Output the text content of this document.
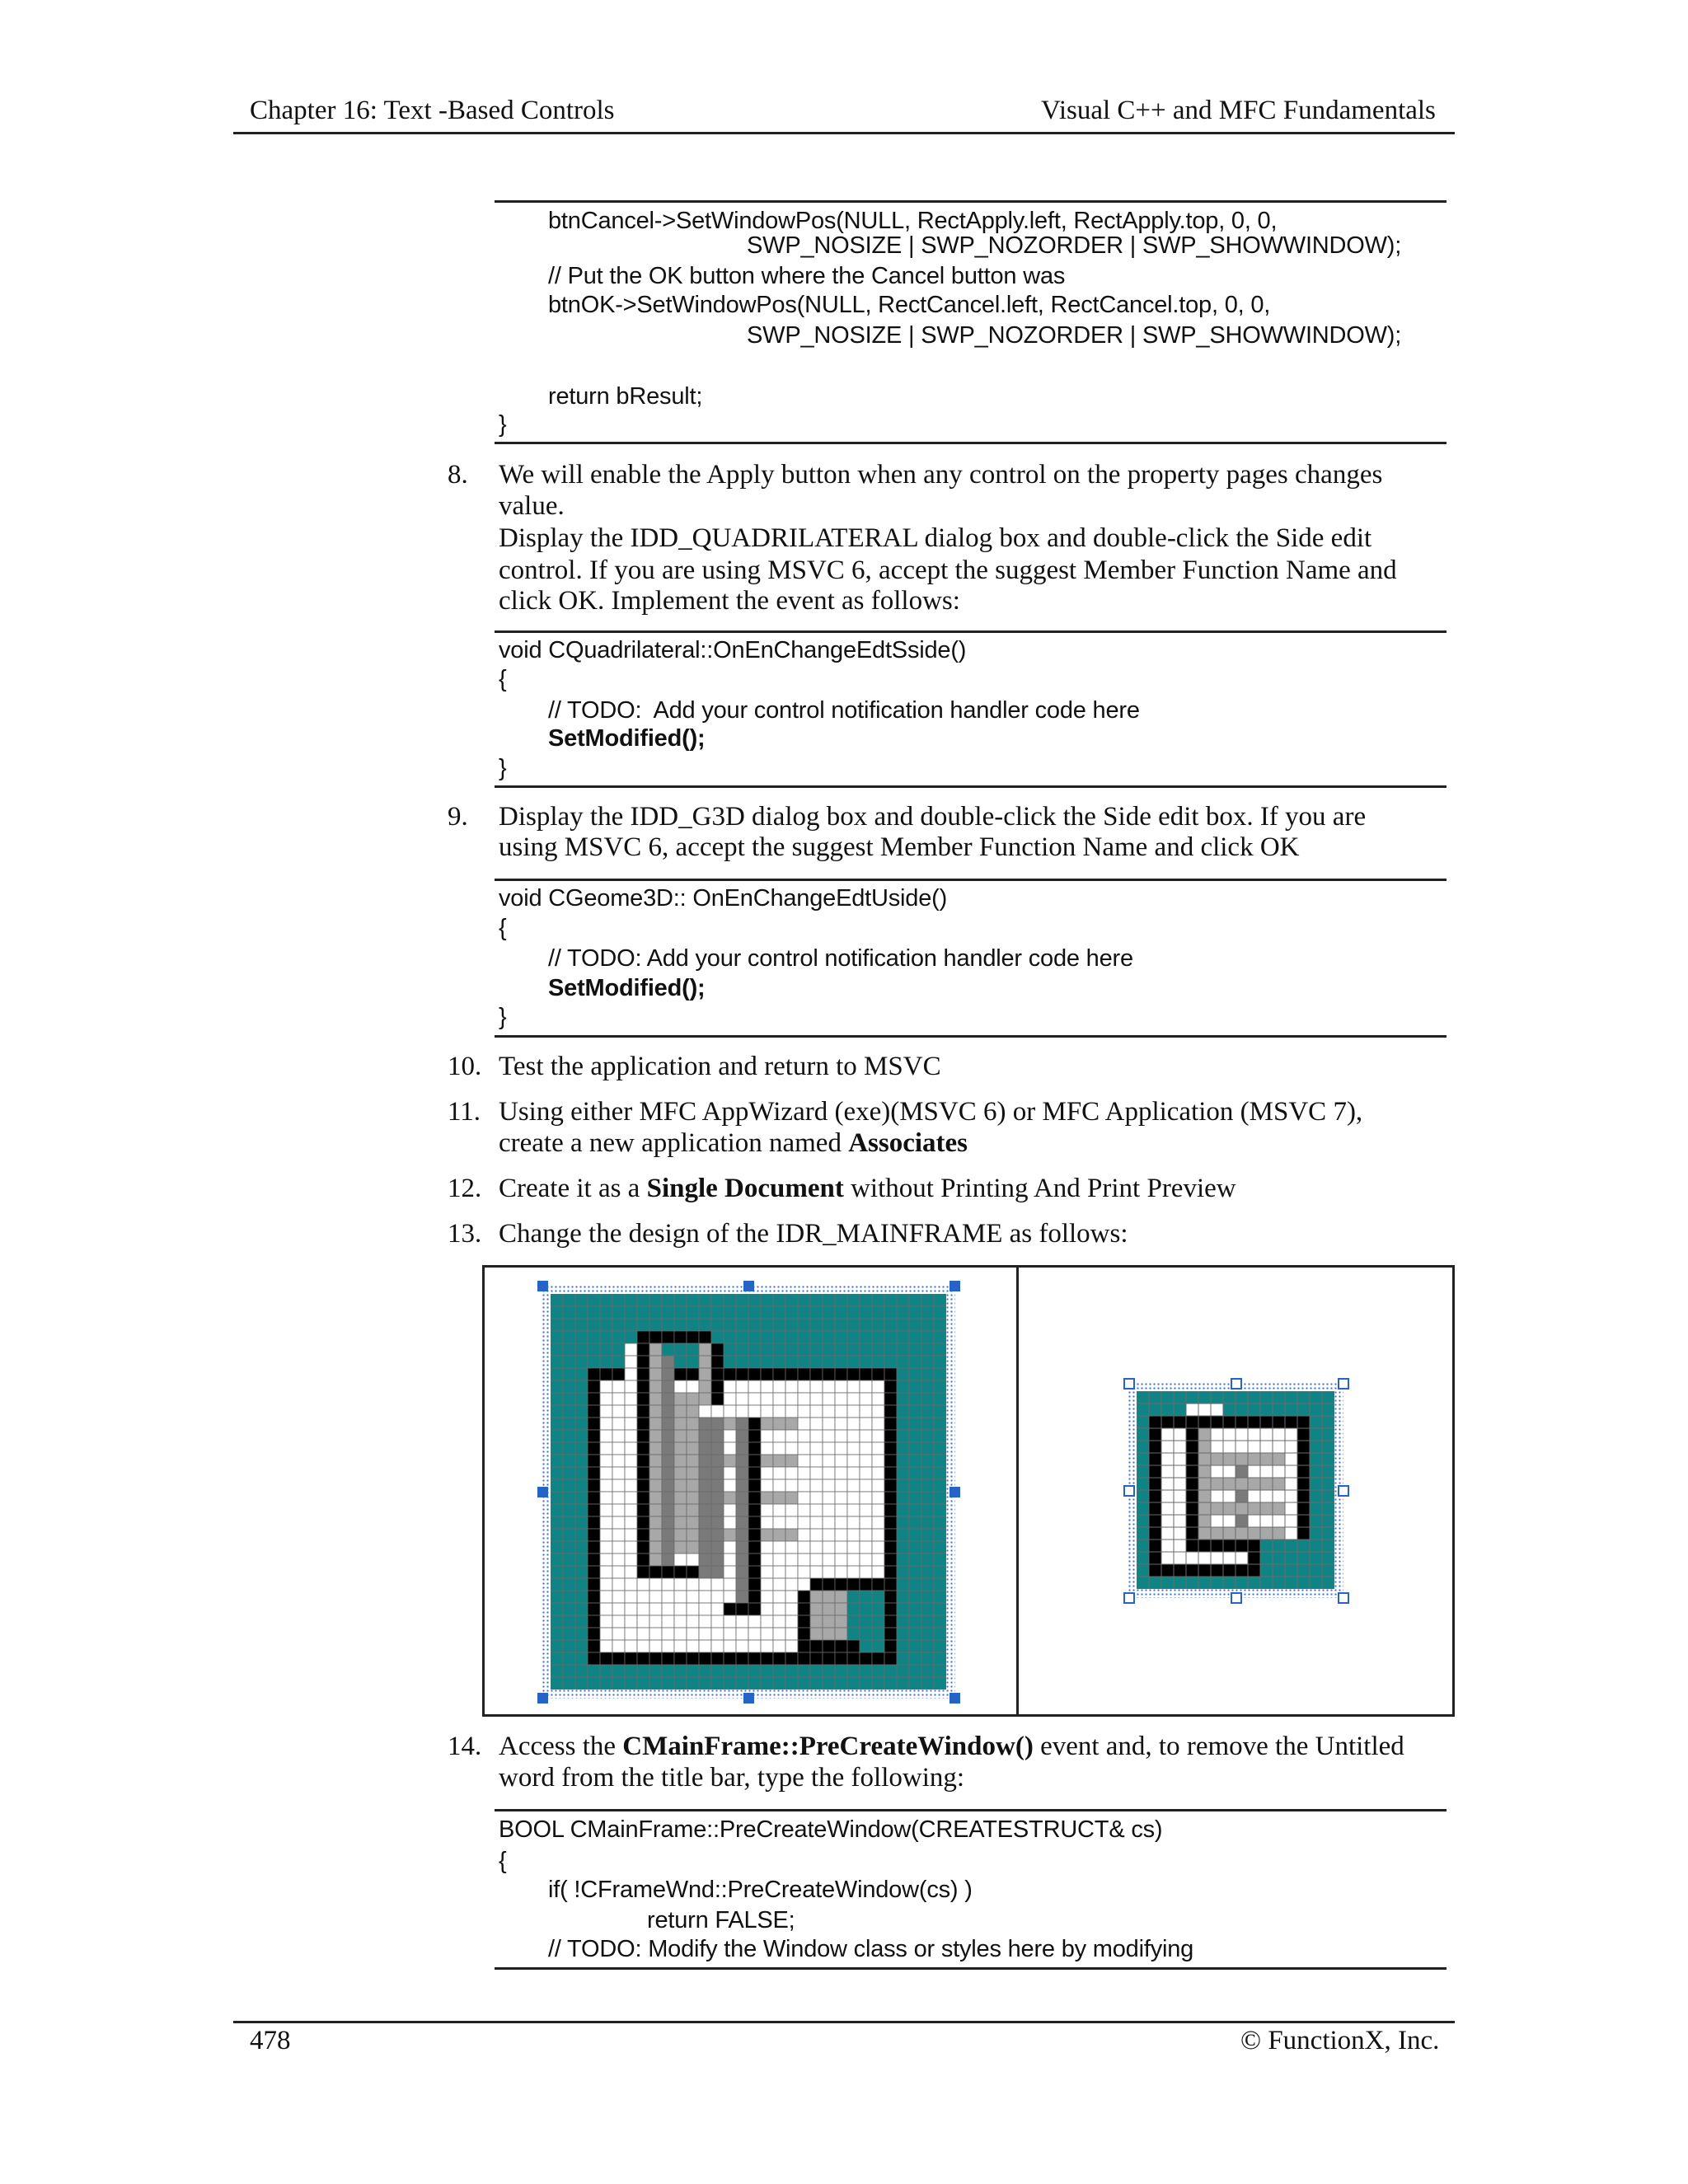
Chapter 16: Text -Based Controls	Visual C++ and MFC Fundamentals
btnCancel->SetWindowPos(NULL, RectApply.left, RectApply.top, 0, 0,
SWP_NOSIZE | SWP_NOZORDER | SWP_SHOWWINDOW);
// Put the OK button where the Cancel button was
btnOK->SetWindowPos(NULL, RectCancel.left, RectCancel.top, 0, 0,
SWP_NOSIZE | SWP_NOZORDER | SWP_SHOWWINDOW);
return bResult;
}
8. We will enable the Apply button when any control on the property pages changes
value.
Display the IDD_QUADRILATERAL dialog box and double-click the Side edit
control. If you are using MSVC 6, accept the suggest Member Function Name and
click OK. Implement the event as follows:
void CQuadrilateral::OnEnChangeEdtSside()
{
// TODO:  Add your control notification handler code here
SetModified();
}
9. Display the IDD_G3D dialog box and double-click the Side edit box. If you are
using MSVC 6, accept the suggest Member Function Name and click OK
void CGeome3D:: OnEnChangeEdtUside()
{
// TODO: Add your control notification handler code here
SetModified();
}
10. Test the application and return to MSVC
11. Using either MFC AppWizard (exe)(MSVC 6) or MFC Application (MSVC 7),
create a new application named Associates
12. Create it as a Single Document without Printing And Print Preview
13. Change the design of the IDR_MAINFRAME as follows:
14. Access the CMainFrame::PreCreateWindow() event and, to remove the Untitled
word from the title bar, type the following:
BOOL CMainFrame::PreCreateWindow(CREATESTRUCT& cs)
{
if( !CFrameWnd::PreCreateWindow(cs) )
return FALSE;
// TODO: Modify the Window class or styles here by modifying
478	© FunctionX, Inc.
